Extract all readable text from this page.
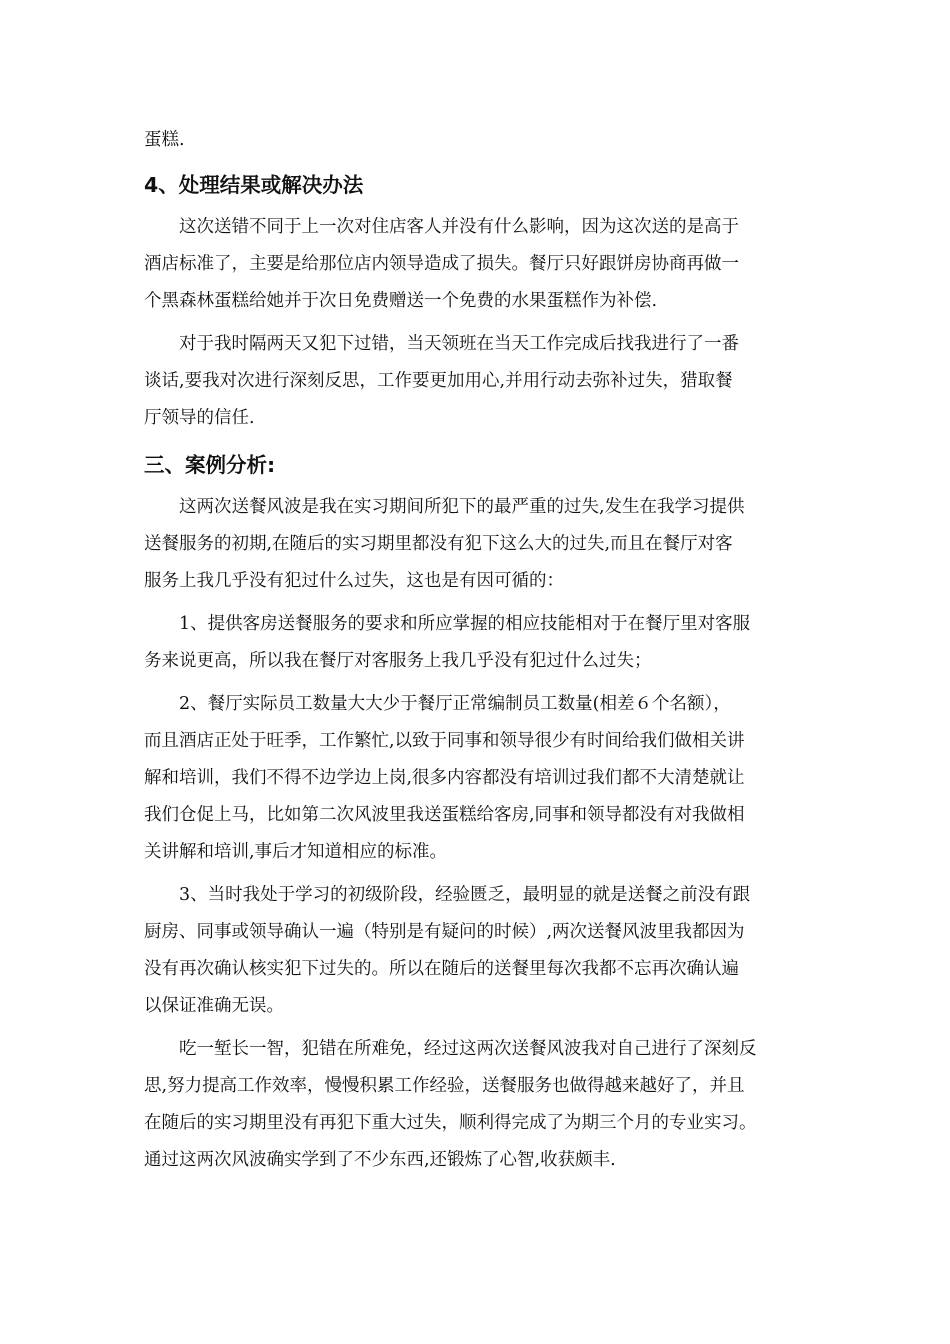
蛋糕.
4、处理结果或解决办法
这次送错不同于上一次对住店客人并没有什么影响，因为这次送的是高于
酒店标准了，主要是给那位店内领导造成了损失。餐厅只好跟饼房协商再做一
个黑森林蛋糕给她并于次日免费赠送一个免费的水果蛋糕作为补偿.
对于我时隔两天又犯下过错，当天领班在当天工作完成后找我进行了一番
谈话,要我对次进行深刻反思，工作要更加用心,并用行动去弥补过失，猎取餐
厅领导的信任.
三、案例分析:
这两次送餐风波是我在实习期间所犯下的最严重的过失,发生在我学习提供
送餐服务的初期,在随后的实习期里都没有犯下这么大的过失,而且在餐厅对客
服务上我几乎没有犯过什么过失，这也是有因可循的：
1、提供客房送餐服务的要求和所应掌握的相应技能相对于在餐厅里对客服
务来说更高，所以我在餐厅对客服务上我几乎没有犯过什么过失；
2、餐厅实际员工数量大大少于餐厅正常编制员工数量(相差６个名额），
而且酒店正处于旺季，工作繁忙,以致于同事和领导很少有时间给我们做相关讲
解和培训，我们不得不边学边上岗,很多内容都没有培训过我们都不大清楚就让
我们仓促上马，比如第二次风波里我送蛋糕给客房,同事和领导都没有对我做相
关讲解和培训,事后才知道相应的标准。
3、当时我处于学习的初级阶段，经验匮乏，最明显的就是送餐之前没有跟
厨房、同事或领导确认一遍（特别是有疑问的时候）,两次送餐风波里我都因为
没有再次确认核实犯下过失的。所以在随后的送餐里每次我都不忘再次确认遍
以保证准确无误。
吃一堑长一智，犯错在所难免，经过这两次送餐风波我对自己进行了深刻反
思,努力提高工作效率，慢慢积累工作经验，送餐服务也做得越来越好了，并且
在随后的实习期里没有再犯下重大过失，顺利得完成了为期三个月的专业实习。
通过这两次风波确实学到了不少东西,还锻炼了心智,收获颇丰.
